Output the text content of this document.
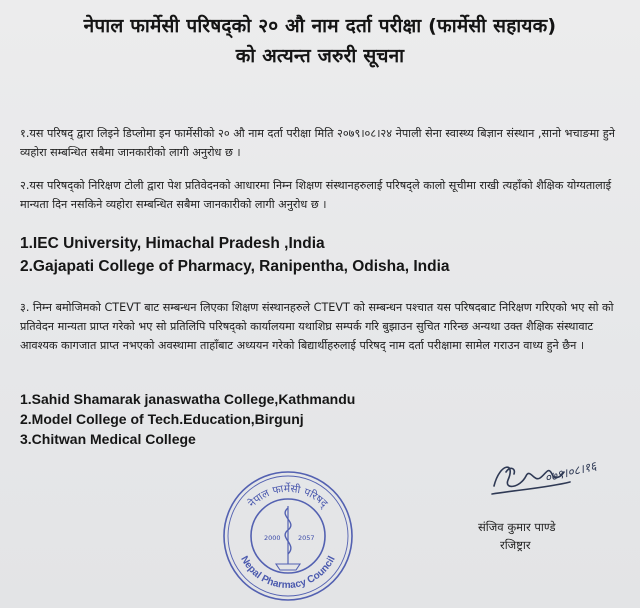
नेपाल फार्मेसी परिषद्को २० औ नाम दर्ता परीक्षा (फार्मेसी सहायक)
को अत्यन्त जरुरी सूचना
१.यस परिषद् द्वारा लिइने डिप्लोमा इन फार्मेसीको २० औ नाम दर्ता परीक्षा मिति २०७९।०८।२४ नेपाली सेना स्वास्थ्य बिज्ञान संस्थान ,सानो भचाङमा हुने व्यहोरा सम्बन्धित सबैमा जानकारीको लागी अनुरोध छ ।
२.यस परिषद्को निरिक्षण टोली द्वारा पेश प्रतिवेदनको आधारमा निम्न शिक्षण संस्थानहरुलाई परिषद्ले कालो सूचीमा राखी त्यहाँको शैक्षिक योग्यतालाई मान्यता दिन नसकिने व्यहोरा सम्बन्धित सबैमा जानकारीको लागी अनुरोध छ ।
1.IEC University, Himachal Pradesh ,India
2.Gajapati College of Pharmacy, Ranipentha, Odisha, India
३. निम्न बमोजिमको CTEVT बाट सम्बन्धन लिएका शिक्षण संस्थानहरुले CTEVT को सम्बन्धन पश्चात यस परिषदबाट निरिक्षण गरिएको भए सो को प्रतिवेदन मान्यता प्राप्त गरेको भए सो प्रतिलिपि परिषद्को कार्यालयमा यथाशिघ्र सम्पर्क गरि बुझाउन सुचित गरिन्छ अन्यथा उक्त शैक्षिक संस्थावाट आवश्यक कागजात प्राप्त नभएको अवस्थामा ताहाँबाट अध्ययन गरेको बिद्यार्थीहरुलाई परिषद् नाम दर्ता परीक्षामा सामेल गराउन वाध्य हुने छैन ।
1.Sahid Shamarak janaswatha College,Kathmandu
2.Model College of Tech.Education,Birgunj
3.Chitwan Medical College
नेपाल फार्मेसी परिषद्
Nepal Pharmacy Council
2000	2057
०७९।०८।१६
संजिव कुमार पाण्डे
रजिष्ट्रार
